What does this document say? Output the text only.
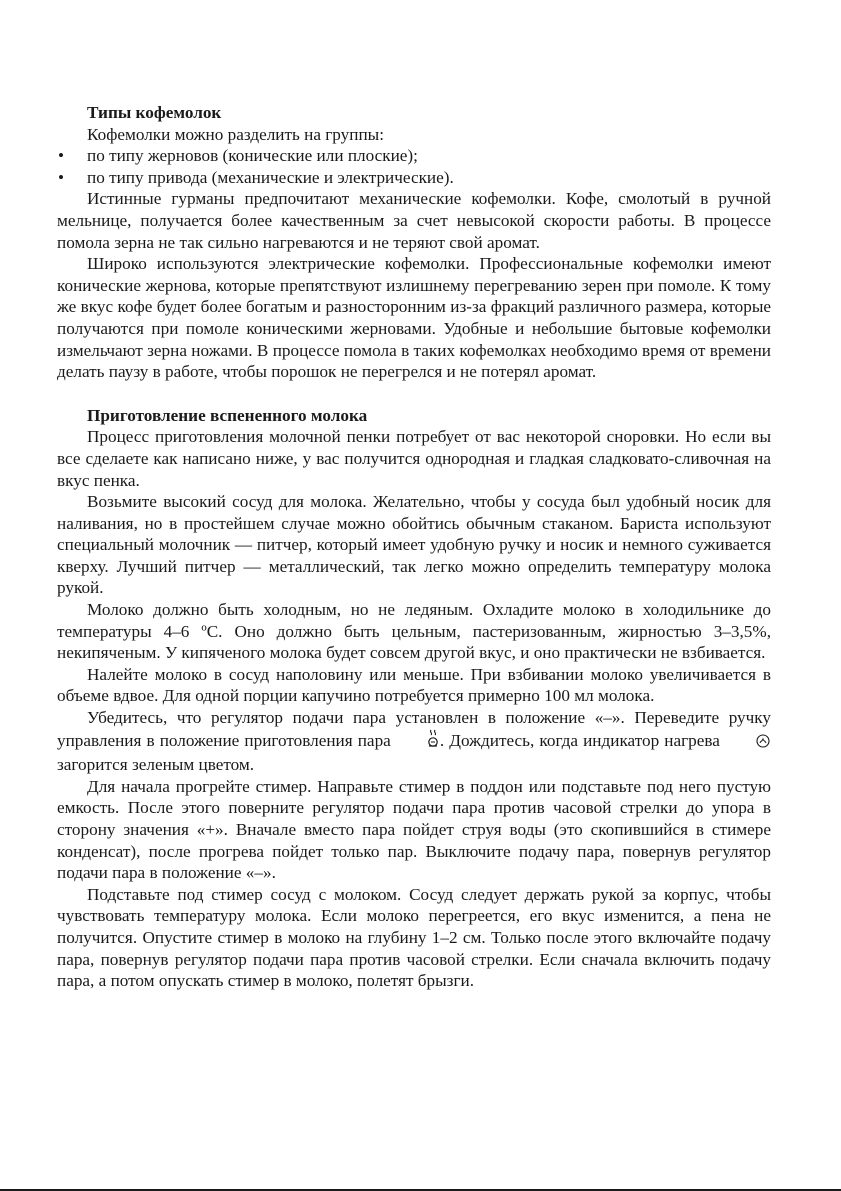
Типы кофемолок

Кофемолки можно разделить на группы:

• по типу жерновов (конические или плоские);
• по типу привода (механические и электрические).

Истинные гурманы предпочитают механические кофемолки. Кофе, смолотый в ручной мельнице, получается более качественным за счет невысокой скорости работы. В процессе помола зерна не так сильно нагреваются и не теряют свой аромат.

Широко используются электрические кофемолки. Профессиональные кофемолки имеют конические жернова, которые препятствуют излишнему перегреванию зерен при помоле. К тому же вкус кофе будет более богатым и разносторонним из-за фракций различного размера, которые получаются при помоле коническими жерновами. Удобные и небольшие бытовые кофемолки измельчают зерна ножами. В процессе помола в таких кофемолках необходимо время от времени делать паузу в работе, чтобы порошок не перегрелся и не потерял аромат.

Приготовление вспененного молока

Процесс приготовления молочной пенки потребует от вас некоторой сноровки. Но если вы все сделаете как написано ниже, у вас получится однородная и гладкая сладковато-сливочная на вкус пенка.

Возьмите высокий сосуд для молока. Желательно, чтобы у сосуда был удобный носик для наливания, но в простейшем случае можно обойтись обычным стаканом. Бариста используют специальный молочник — питчер, который имеет удобную ручку и носик и немного суживается кверху. Лучший питчер — металлический, так легко можно определить температуру молока рукой.

Молоко должно быть холодным, но не ледяным. Охладите молоко в холодильнике до температуры 4–6 ºС. Оно должно быть цельным, пастеризованным, жирностью 3–3,5%, некипяченым. У кипяченого молока будет совсем другой вкус, и оно практически не взбивается.

Налейте молоко в сосуд наполовину или меньше. При взбивании молоко увеличивается в объеме вдвое. Для одной порции капучино потребуется примерно 100 мл молока.

Убедитесь, что регулятор подачи пара установлен в положение «–». Переведите ручку управления в положение приготовления пара	. Дождитесь, когда индикатор нагрева  загорится зеленым цветом.

Для начала прогрейте стимер. Направьте стимер в поддон или подставьте под него пустую емкость. После этого поверните регулятор подачи пара против часовой стрелки до упора в сторону значения «+». Вначале вместо пара пойдет струя воды (это скопившийся в стимере конденсат), после прогрева пойдет только пар. Выключите подачу пара, повернув регулятор подачи пара в положение «–».

Подставьте под стимер сосуд с молоком. Сосуд следует держать рукой за корпус, чтобы чувствовать температуру молока. Если молоко перегреется, его вкус изменится, а пена не получится. Опустите стимер в молоко на глубину 1–2 см. Только после этого включайте подачу пара, повернув регулятор подачи пара против часовой стрелки. Если сначала включить подачу пара, а потом опускать стимер в молоко, полетят брызги.
